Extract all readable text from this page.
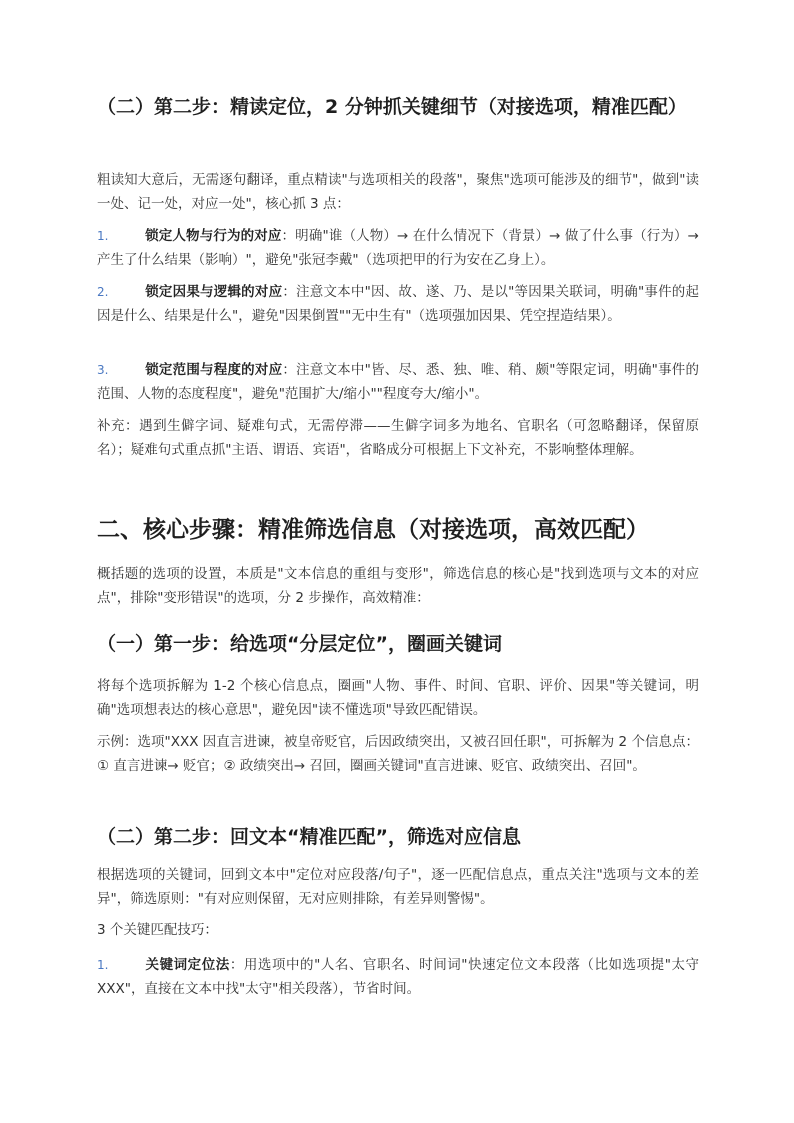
（二）第二步：精读定位，2 分钟抓关键细节（对接选项，精准匹配）

粗读知大意后，无需逐句翻译，重点精读"与选项相关的段落"，聚焦"选项可能涉及的细节"，做到"读一处、记一处，对应一处"，核心抓 3 点：

1.	锁定人物与行为的对应：明确"谁（人物）→ 在什么情况下（背景）→ 做了什么事（行为）→ 产生了什么结果（影响）"，避免"张冠李戴"（选项把甲的行为安在乙身上）。

2.	锁定因果与逻辑的对应：注意文本中"因、故、遂、乃、是以"等因果关联词，明确"事件的起因是什么、结果是什么"，避免"因果倒置""无中生有"（选项强加因果、凭空捏造结果）。

3.	锁定范围与程度的对应：注意文本中"皆、尽、悉、独、唯、稍、颇"等限定词，明确"事件的范围、人物的态度程度"，避免"范围扩大/缩小""程度夸大/缩小"。

补充：遇到生僻字词、疑难句式，无需停滞——生僻字词多为地名、官职名（可忽略翻译，保留原名）；疑难句式重点抓"主语、谓语、宾语"，省略成分可根据上下文补充，不影响整体理解。

二、核心步骤：精准筛选信息（对接选项，高效匹配）

概括题的选项的设置，本质是"文本信息的重组与变形"，筛选信息的核心是"找到选项与文本的对应点"，排除"变形错误"的选项，分 2 步操作，高效精准：

（一）第一步：给选项“分层定位”，圈画关键词

将每个选项拆解为 1-2 个核心信息点，圈画"人物、事件、时间、官职、评价、因果"等关键词，明确"选项想表达的核心意思"，避免因"读不懂选项"导致匹配错误。

示例：选项"XXX 因直言进谏，被皇帝贬官，后因政绩突出，又被召回任职"，可拆解为 2 个信息点：① 直言进谏→ 贬官；② 政绩突出→ 召回，圈画关键词"直言进谏、贬官、政绩突出、召回"。

（二）第二步：回文本“精准匹配”，筛选对应信息

根据选项的关键词，回到文本中"定位对应段落/句子"，逐一匹配信息点，重点关注"选项与文本的差异"，筛选原则："有对应则保留，无对应则排除，有差异则警惕"。

3 个关键匹配技巧：

1.	关键词定位法：用选项中的"人名、官职名、时间词"快速定位文本段落（比如选项提"太守 XXX"，直接在文本中找"太守"相关段落），节省时间。
